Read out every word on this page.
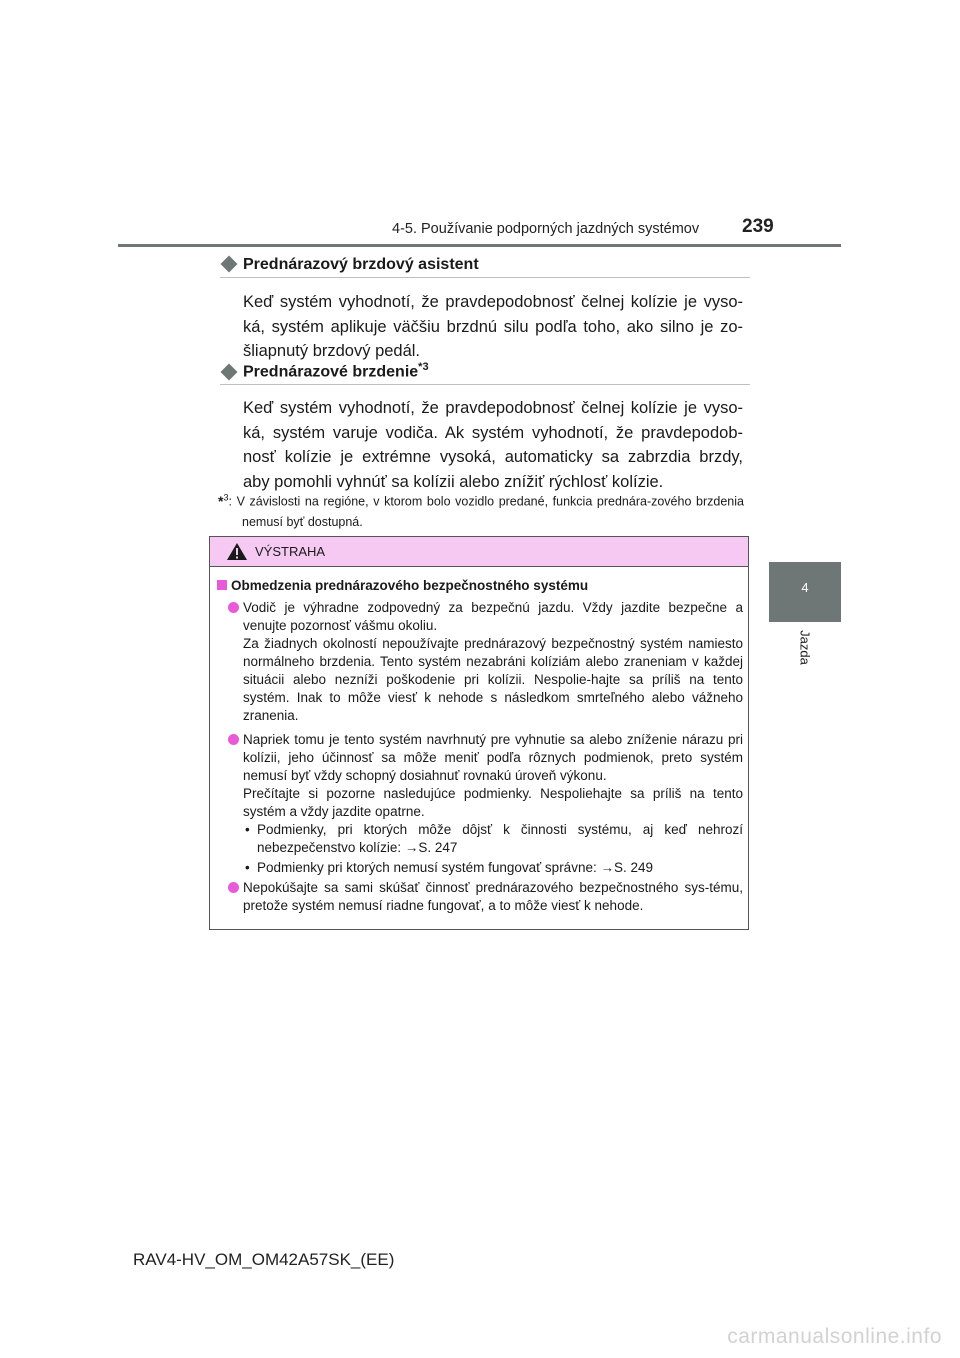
4-5. Používanie podporných jazdných systémov 239
4
Jazda
Prednárazový brzdový asistent
Keď systém vyhodnotí, že pravdepodobnosť čelnej kolízie je vyso-
ká, systém aplikuje väčšiu brzdnú silu podľa toho, ako silno je zo-
šliapnutý brzdový pedál.
Prednárazové brzdenie$^{*3}$
Keď systém vyhodnotí, že pravdepodobnosť čelnej kolízie je vyso-
ká, systém varuje vodiča. Ak systém vyhodnotí, že pravdepodob-
nosť kolízie je extrémne vysoká, automaticky sa zabrzdia brzdy,
aby pomohli vyhnúť sa kolízii alebo znížiť rýchlosť kolízie.
*$^3$: V závislosti na regióne, v ktorom bolo vozidlo predané, funkcia prednára-zového brzdenia nemusí byť dostupná.
VÝSTRAHA
Obmedzenia prednárazového bezpečnostného systému
Vodič je výhradne zodpovedný za bezpečnú jazdu. Vždy jazdite bezpečne a venujte pozornosť vášmu okoliu.
Za žiadnych okolností nepoužívajte prednárazový bezpečnostný systém namiesto normálneho brzdenia. Tento systém nezabráni kolíziám alebo zraneniam v každej situácii alebo nezníži poškodenie pri kolízii. Nespolie-hajte sa príliš na tento systém. Inak to môže viesť k nehode s následkom smrteľného alebo vážneho zranenia.
Napriek tomu je tento systém navrhnutý pre vyhnutie sa alebo zníženie nárazu pri kolízii, jeho účinnosť sa môže meniť podľa rôznych podmienok, preto systém nemusí byť vždy schopný dosiahnuť rovnakú úroveň výkonu.
Prečítajte si pozorne nasledujúce podmienky. Nespoliehajte sa príliš na tento systém a vždy jazdite opatrne.
• Podmienky, pri ktorých môže dôjsť k činnosti systému, aj keď nehrozí nebezpečenstvo kolízie: →S. 247
• Podmienky pri ktorých nemusí systém fungovať správne: →S. 249
Nepokúšajte sa sami skúšať činnosť prednárazového bezpečnostného sys-tému, pretože systém nemusí riadne fungovať, a to môže viesť k nehode.
RAV4-HV_OM_OM42A57SK_(EE)
carmanualsonline.info
